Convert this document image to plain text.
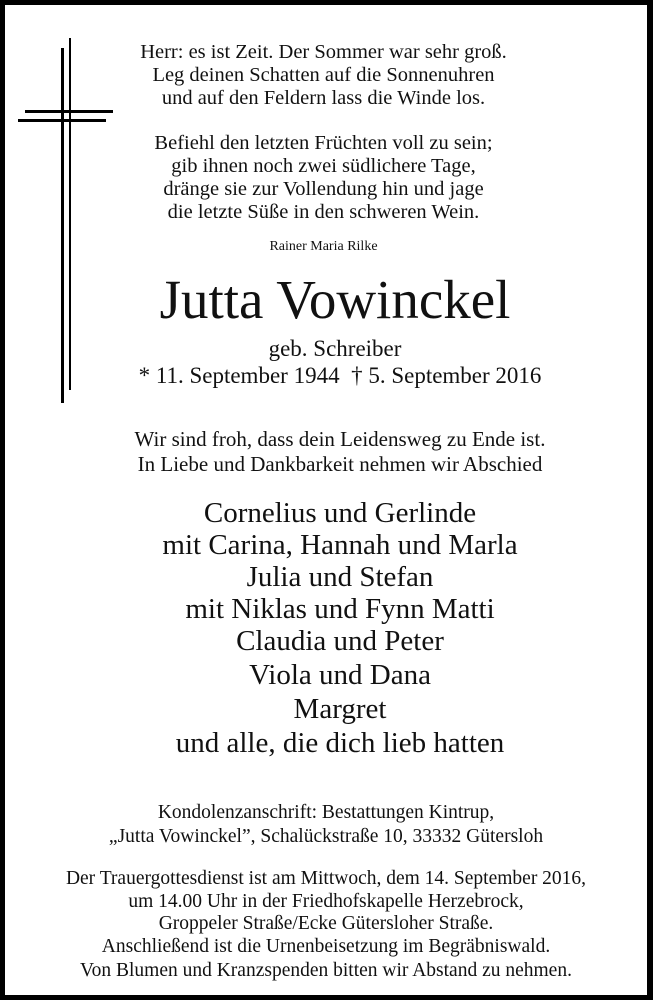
Herr: es ist Zeit. Der Sommer war sehr groß.

Leg deinen Schatten auf die Sonnenuhren

und auf den Feldern lass die Winde los.

Befiehl den letzten Früchten voll zu sein;

gib ihnen noch zwei südlichere Tage,

dränge sie zur Vollendung hin und jage

die letzte Süße in den schweren Wein.

Rainer Maria Rilke
Jutta Vowinckel
geb. Schreiber
* 11. September 1944  † 5. September 2016

Wir sind froh, dass dein Leidensweg zu Ende ist.

In Liebe und Dankbarkeit nehmen wir Abschied

Cornelius und Gerlinde

mit Carina, Hannah und Marla

Julia und Stefan

mit Niklas und Fynn Matti

Claudia und Peter

Viola und Dana

Margret

und alle, die dich lieb hatten

Kondolenzanschrift: Bestattungen Kintrup,

„Jutta Vowinckel”, Schalückstraße 10, 33332 Gütersloh

Der Trauergottesdienst ist am Mittwoch, dem 14. September 2016,

um 14.00 Uhr in der Friedhofskapelle Herzebrock,

Groppeler Straße/Ecke Gütersloher Straße.

Anschließend ist die Urnenbeisetzung im Begräbniswald.

Von Blumen und Kranzspenden bitten wir Abstand zu nehmen.
